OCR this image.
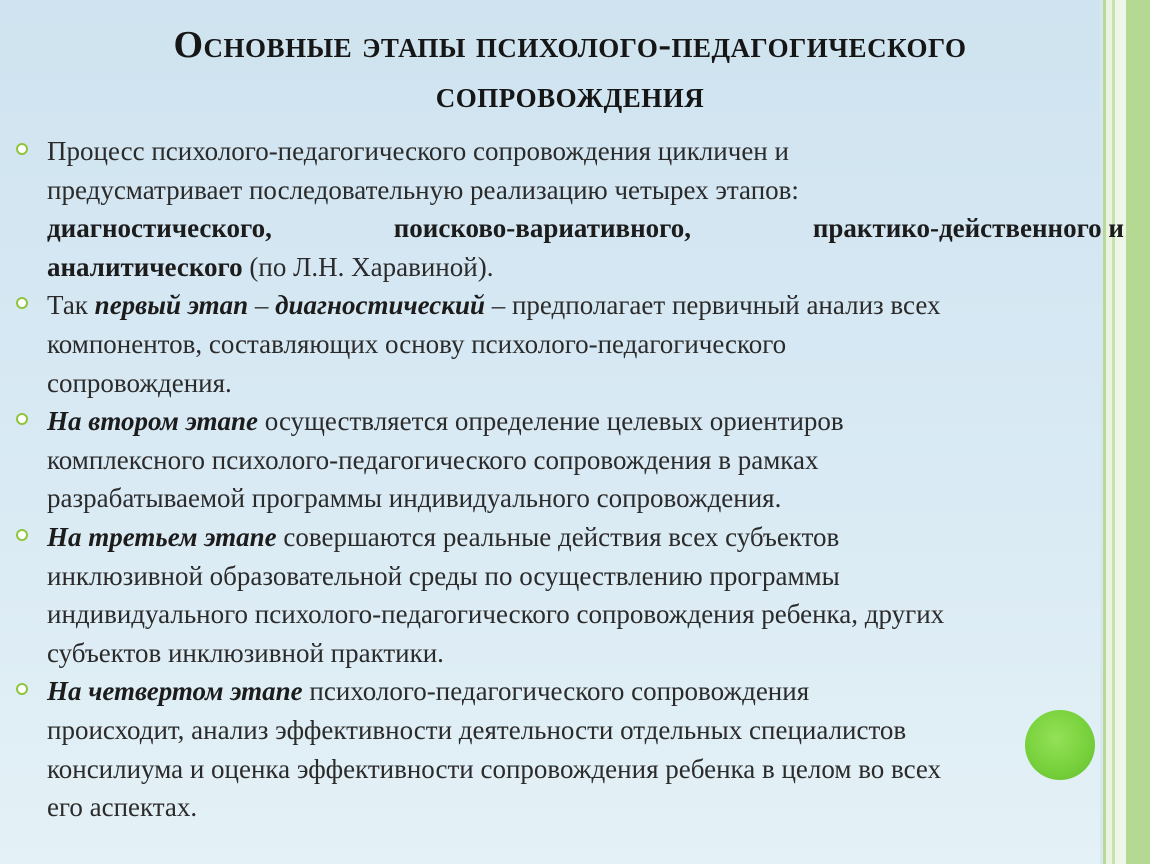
Основные этапы психолого-педагогического
сопровождения
Процесс психолого-педагогического сопровождения цикличен и
предусматривает последовательную реализацию четырех этапов:
диагностического,	поисково-вариативного,	практико-действенного и
аналитического (по Л.Н. Харавиной).
Так первый этап – диагностический – предполагает первичный анализ всех
компонентов, составляющих основу психолого-педагогического
сопровождения.
На втором этапе осуществляется определение целевых ориентиров
комплексного психолого-педагогического сопровождения в рамках
разрабатываемой программы индивидуального сопровождения.
На третьем этапе совершаются реальные действия всех субъектов
инклюзивной образовательной среды по осуществлению программы
индивидуального психолого-педагогического сопровождения ребенка, других
субъектов инклюзивной практики.
На четвертом этапе психолого-педагогического сопровождения
происходит, анализ эффективности деятельности отдельных специалистов
консилиума и оценка эффективности сопровождения ребенка в целом во всех
его аспектах.
